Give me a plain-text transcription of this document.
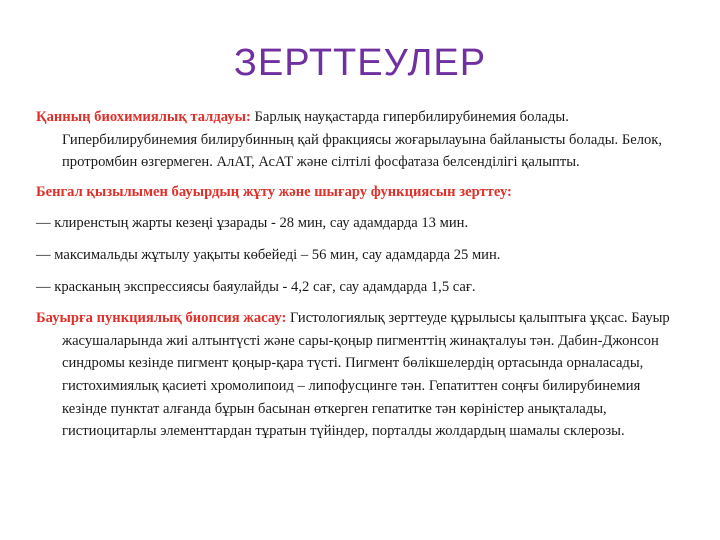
ЗЕРТТЕУЛЕР

Қанның биохимиялық талдауы: Барлық науқастарда гипербилирубинемия болады. Гипербилирубинемия билирубинның қай фракциясы жоғарылауына байланысты болады. Белок, протромбин өзгермеген. АлАТ, АсАТ және сілтілі фосфатаза белсенділігі қалыпты.

Бенгал қызылымен бауырдың жұту және шығару функциясын зерттеу:

— клиренстың жарты кезеңі ұзарады - 28 мин, сау адамдарда 13 мин.

— максимальды жұтылу уақыты көбейеді – 56 мин, сау адамдарда 25 мин.

— красканың экспрессиясы баяулайды - 4,2 сағ, сау адамдарда 1,5 сағ.

Бауырға пункциялық биопсия жасау: Гистологиялық зерттеуде құрылысы қалыптыға ұқсас. Бауыр жасушаларында жиі алтынтүсті және сары-қоңыр пигменттің жинақталуы тән. Дабин-Джонсон синдромы кезінде пигмент қоңыр-қара түсті. Пигмент бөлікшелердің ортасында орналасады, гистохимиялық қасиеті хромолипоид – липофусцинге тән. Гепатиттен соңғы билирубинемия кезінде пунктат алғанда бұрын басынан өткерген гепатитке тән көріністер анықталады, гистиоцитарлы элементтардан тұратын түйіндер, порталды жолдардың шамалы склерозы.
